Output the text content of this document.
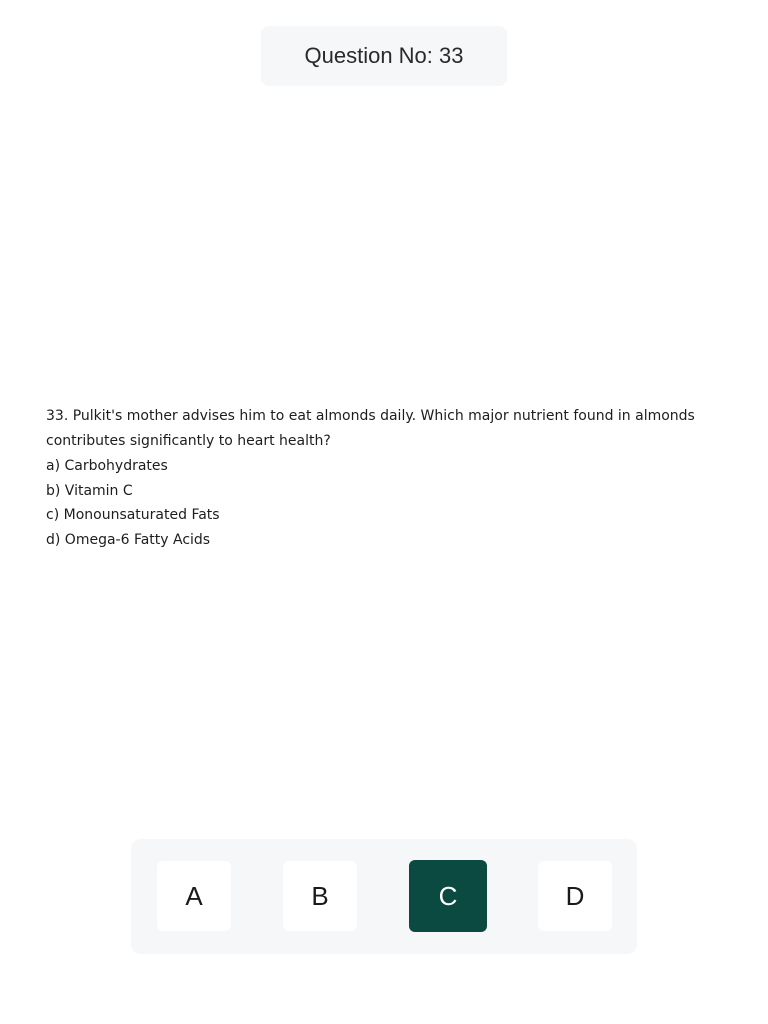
Question No: 33

33. Pulkit's mother advises him to eat almonds daily. Which major nutrient found in almonds contributes significantly to heart health?

a) Carbohydrates

b) Vitamin C

c) Monounsaturated Fats

d) Omega-6 Fatty Acids

A	B	C	D
